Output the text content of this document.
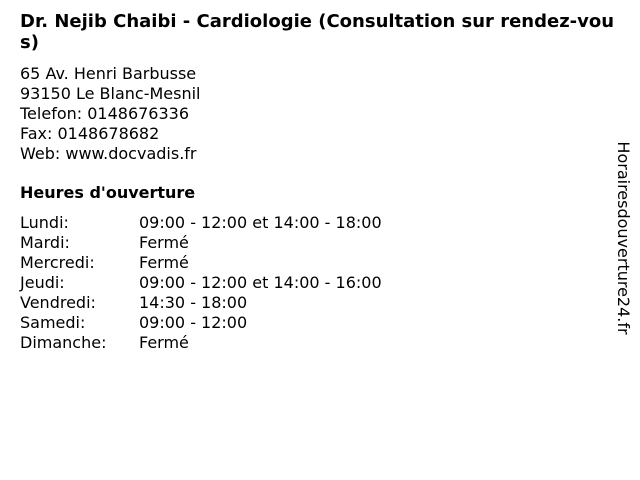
Dr. Nejib Chaibi - Cardiologie (Consultation sur rendez-vous)
65 Av. Henri Barbusse
93150 Le Blanc-Mesnil
Telefon: 0148676336
Fax: 0148678682
Web: www.docvadis.fr
Heures d'ouverture
Lundi:	09:00 - 12:00 et 14:00 - 18:00
Mardi:	Fermé
Mercredi:	Fermé
Jeudi:	09:00 - 12:00 et 14:00 - 16:00
Vendredi:	14:30 - 18:00
Samedi:	09:00 - 12:00
Dimanche: Fermé
Horairesdouverture24.fr
